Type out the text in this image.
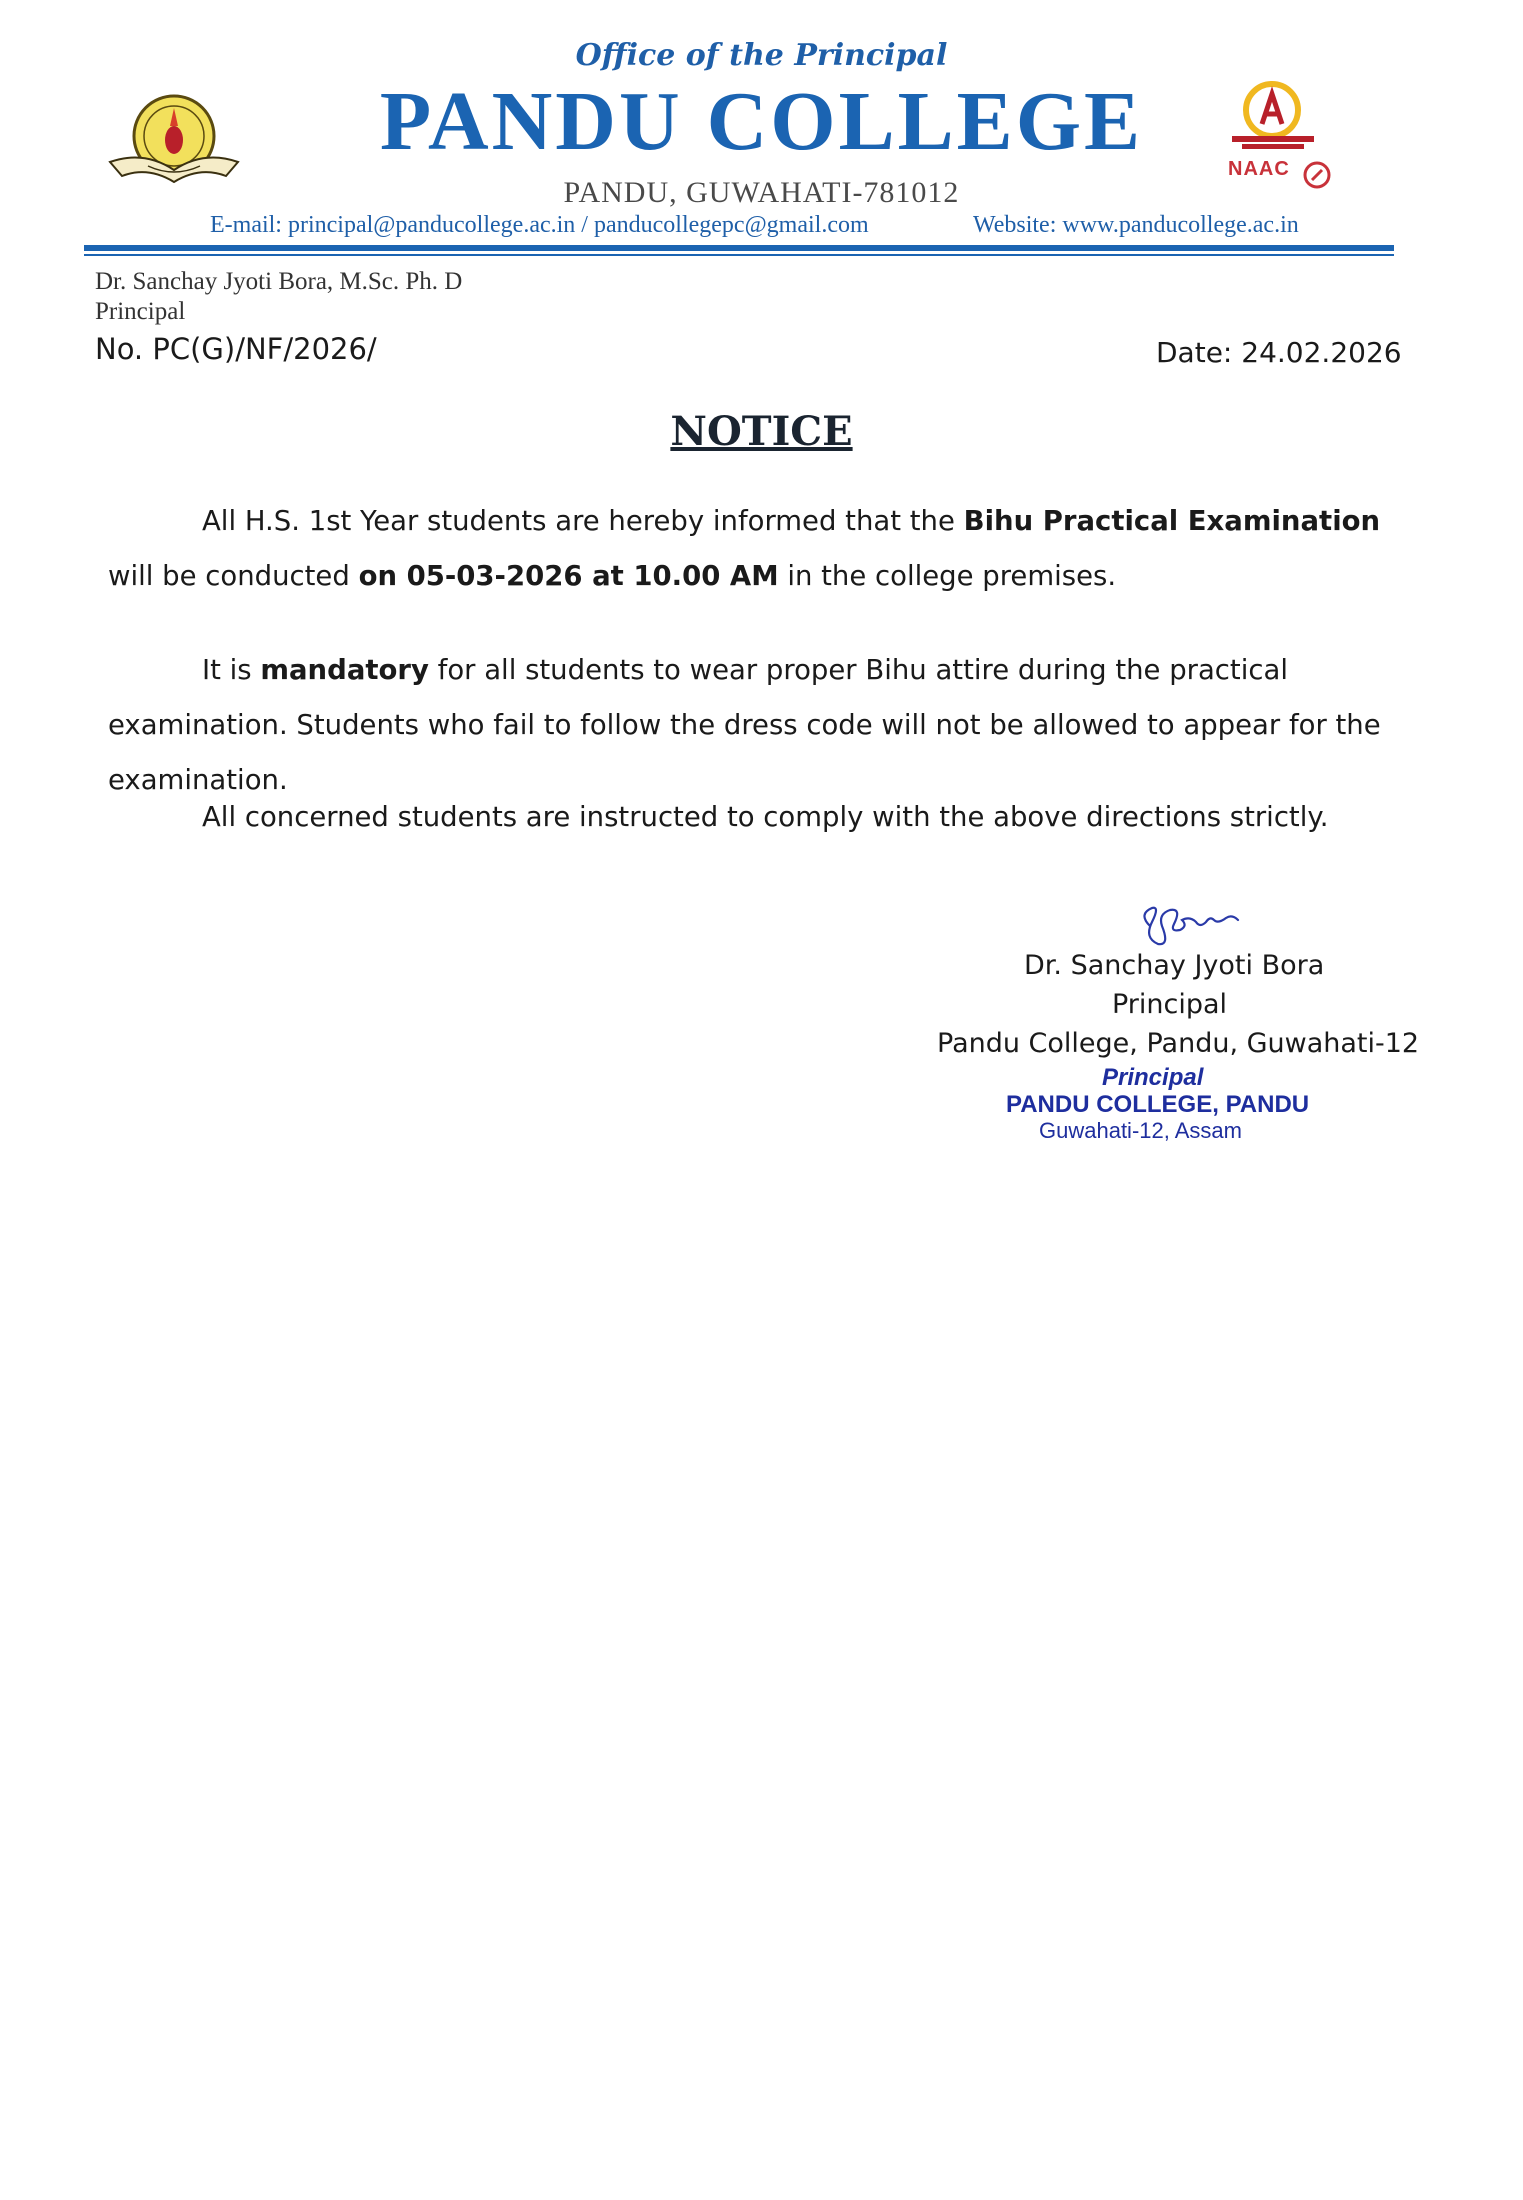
Office of the Principal
PANDU COLLEGE
NAAC
PANDU, GUWAHATI-781012
E-mail: principal@panducollege.ac.in / panducollegepc@gmail.com	Website: www.panducollege.ac.in
Dr. Sanchay Jyoti Bora, M.Sc. Ph. D
Principal
No. PC(G)/NF/2026/	Date: 24.02.2026
NOTICE
All H.S. 1st Year students are hereby informed that the Bihu Practical Examination will be conducted on 05-03-2026 at 10.00 AM in the college premises.
It is mandatory for all students to wear proper Bihu attire during the practical examination. Students who fail to follow the dress code will not be allowed to appear for the examination.
All concerned students are instructed to comply with the above directions strictly.
Dr. Sanchay Jyoti Bora
Principal
Pandu College, Pandu, Guwahati-12
Principal
PANDU COLLEGE, PANDU
Guwahati-12, Assam
